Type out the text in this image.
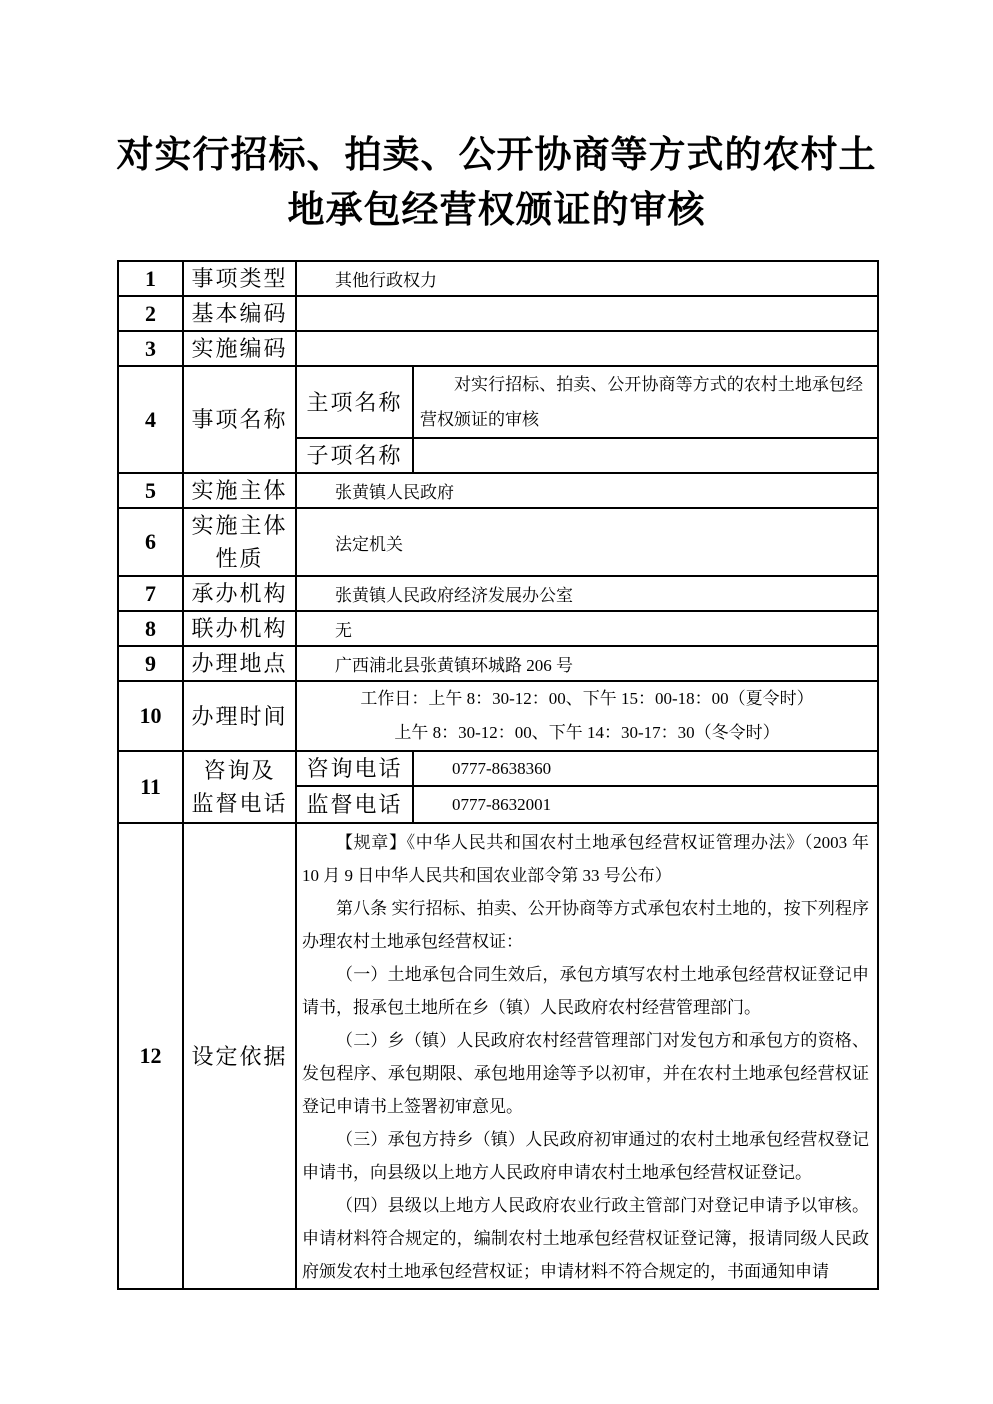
对实行招标、拍卖、公开协商等方式的农村土
地承包经营权颁证的审核
1	事项类型	其他行政权力	
2	基本编码		
3	实施编码		
4	事项名称	主项名称	对实行招标、拍卖、公开协商等方式的农村土地承包经营权颁证的审核

		子项名称	
5	实施主体	张黄镇人民政府	
6	实施主体
性质	法定机关	
7	承办机构	张黄镇人民政府经济发展办公室	
8	联办机构	无	
9	办理地点	广西浦北县张黄镇环城路 206 号	
10	办理时间	工作日：上午 8：30-12：00、下午 15：00-18：00（夏令时）
上午 8：30-12：00、下午 14：30-17：30（冬令时）	

11	咨询及
监督电话	咨询电话	0777-8638360
		监督电话	0777-8632001
12	设定依据	

【规章】《中华人民共和国农村土地承包经营权证管理办法》（2003 年 10 月 9 日中华人民共和国农业部令第 33 号公布）

第八条 实行招标、拍卖、公开协商等方式承包农村土地的，按下列程序办理农村土地承包经营权证：

（一）土地承包合同生效后，承包方填写农村土地承包经营权证登记申请书，报承包土地所在乡（镇）人民政府农村经营管理部门。

（二）乡（镇）人民政府农村经营管理部门对发包方和承包方的资格、发包程序、承包期限、承包地用途等予以初审，并在农村土地承包经营权证登记申请书上签署初审意见。

（三）承包方持乡（镇）人民政府初审通过的农村土地承包经营权登记申请书，向县级以上地方人民政府申请农村土地承包经营权证登记。

（四）县级以上地方人民政府农业行政主管部门对登记申请予以审核。申请材料符合规定的，编制农村土地承包经营权证登记簿，报请同级人民政府颁发农村土地承包经营权证；申请材料不符合规定的，书面通知申请
